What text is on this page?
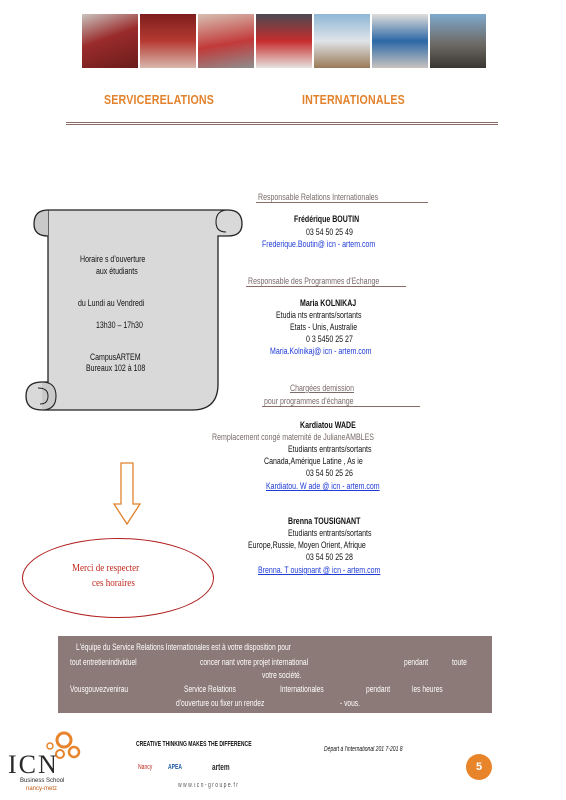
SERVICERELATIONS	INTERNATIONALES
Horaire s d'ouverture
aux étudiants
du Lundi au Vendredi
13h30 – 17h30
CampusARTEM
Bureaux 102 à 108
Merci de respecter
ces horaires
Responsable Relations Internationales
Frédérique BOUTIN
03 54 50 25 49
Frederique.Boutin@ icn - artem.com
Responsable des Programmes d'Echange
Maria KOLNIKAJ
Etudia nts entrants/sortants
Etats - Unis, Australie
0 3 5450 25 27
Maria.Kolnikaj@ icn - artem.com
Chargées demission
pour programmes d'échange
Kardiatou WADE
Remplacement congé maternité de JulianeAMBLES
Etudiants entrants/sortants
Canada,Amérique Latine , As ie
03 54 50 25 26
Kardiatou. W ade @ icn - artem.com
Brenna TOUSIGNANT
Etudiants entrants/sortants
Europe,Russie, Moyen Orient, Afrique
03 54 50 25 28
Brenna. T ousignant @ icn - artem.com
L'équipe du Service Relations Internationales est à votre disposition pour
tout entretienindividuel	concer nant votre projet international	pendant	toute
votre société.
Vousgouvezvenirau	Service Relations	Internationales	pendant les heures
d'ouverture ou fixer un rendez	- vous.
ICN
Business School
nancy-metz
CREATIVE THINKING MAKES THE DIFFERENCE
Nancy APEA	artem
w w w. i c n - g r o u p e. f r
Départ à l'international 201 7-201 8
5
